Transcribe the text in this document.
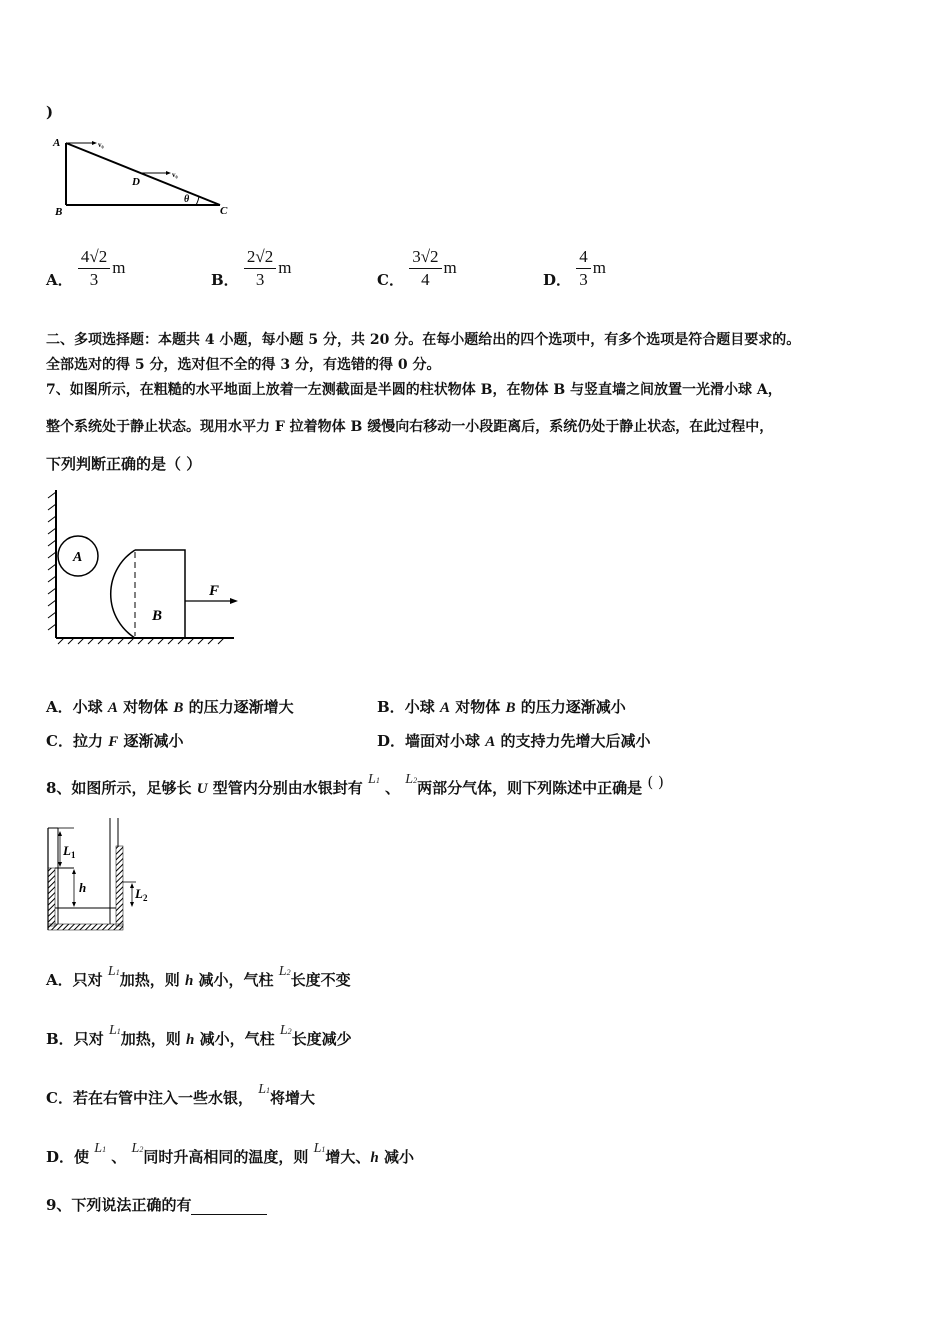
)
A
B	C
D
v₀
v₀
θ
A． $\frac{4√2}{3}$ m
B． $\frac{2√2}{3}$ m
C． $\frac{3√2}{4}$ m
D． $\frac{4}{3}$ m
二、多项选择题：本题共 4 小题，每小题 5 分，共 20 分。在每小题给出的四个选项中，有多个选项是符合题目要求的。
全部选对的得 5 分，选对但不全的得 3 分，有选错的得 0 分。
7、如图所示，在粗糙的水平地面上放着一左测截面是半圆的柱状物体 B，在物体 B 与竖直墙之间放置一光滑小球 A，
整个系统处于静止状态。现用水平力 F 拉着物体 B 缓慢向右移动一小段距离后，系统仍处于静止状态，在此过程中，
下列判断正确的是（ ）
A
B
F
A．小球 A 对物体 B 的压力逐渐增大	B．小球 A 对物体 B 的压力逐渐减小
C．拉力 F 逐渐减小	D．墙面对小球 A 的支持力先增大后减小
8、如图所示，足够长 U 型管内分别由水银封有 L1 、 L2两部分气体，则下列陈述中正确是 ( )
$L_1$
h	$L_2$
A．只对 L1加热，则 h 减小，气柱 L2长度不变
B．只对 L1加热，则 h 减小，气柱 L2长度减少
C．若在右管中注入一些水银， L1将增大
D．使 L1 、 L2同时升高相同的温度，则 L1增大、h 减小
9、下列说法正确的有
